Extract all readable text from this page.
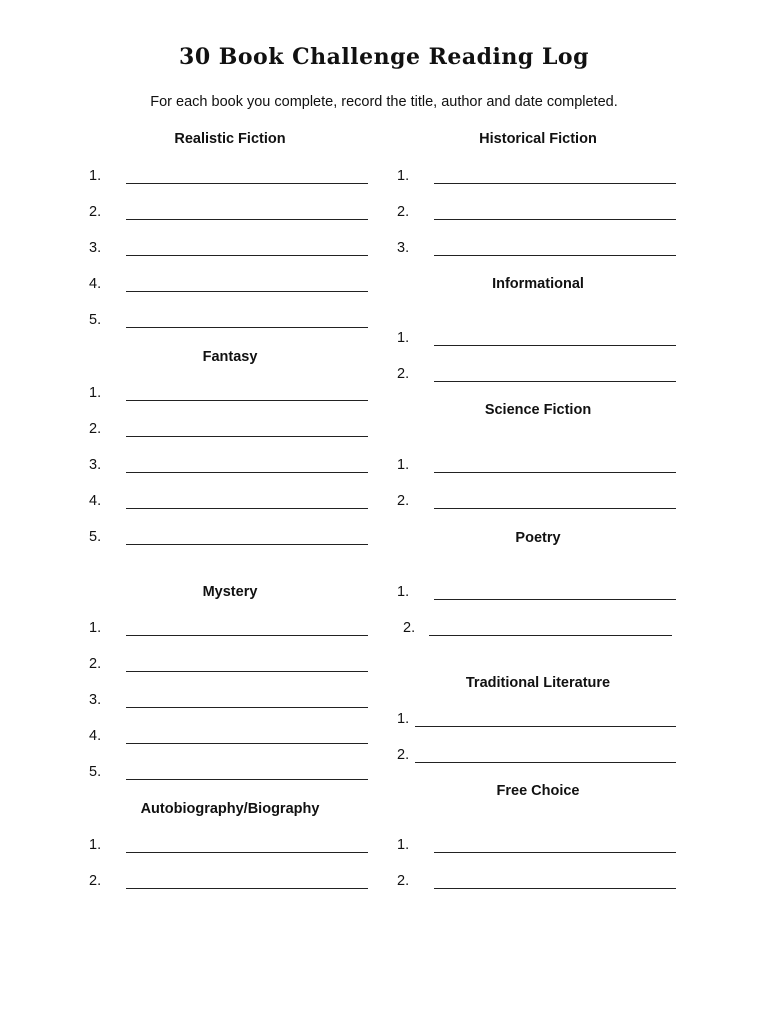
30 Book Challenge Reading Log
For each book you complete, record the title, author and date completed.
Realistic Fiction
1.
2.
3.
4.
5.
Fantasy
1.
2.
3.
4.
5.
Mystery
1.
2.
3.
4.
5.
Autobiography/Biography
1.
2.
Historical Fiction
1.
2.
3.
Informational
1.
2.
Science Fiction
1.
2.
Poetry
1.
2.
Traditional Literature
1.
2.
Free Choice
1.
2.
